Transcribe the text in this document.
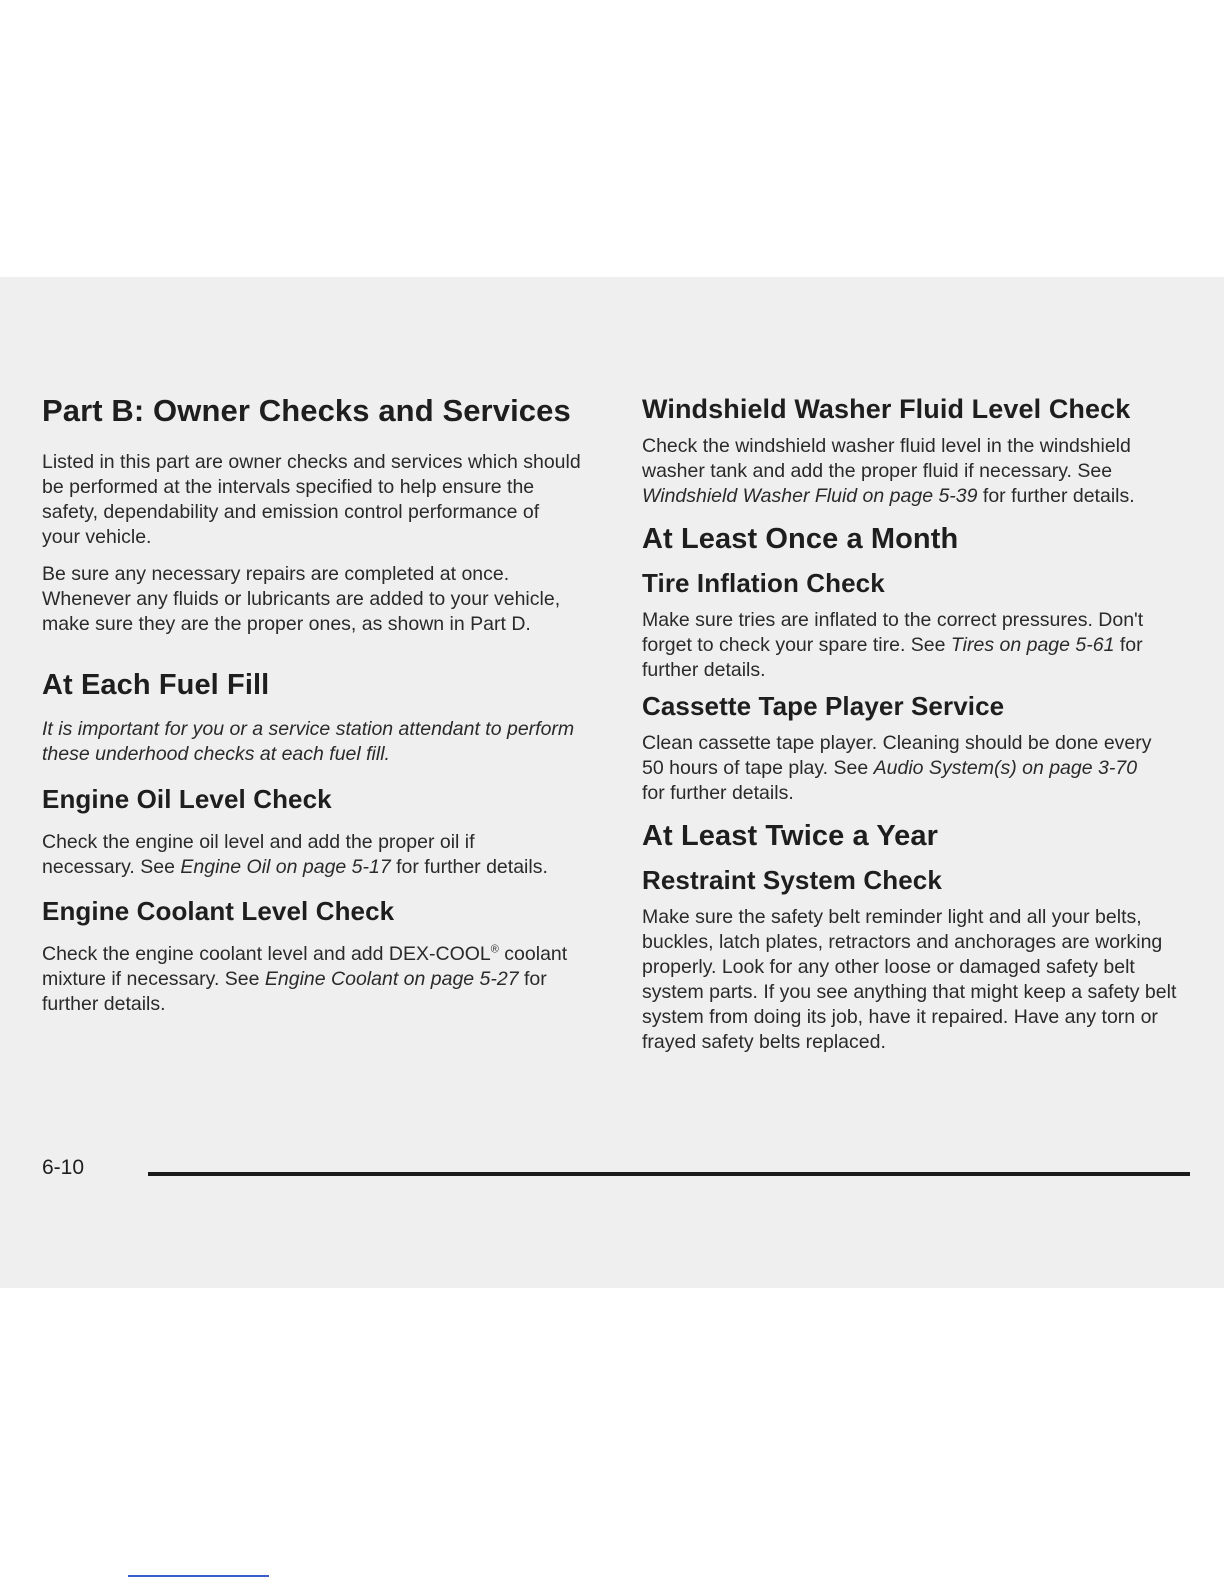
Part B: Owner Checks and Services

Listed in this part are owner checks and services which should be performed at the intervals specified to help ensure the safety, dependability and emission control performance of your vehicle.

Be sure any necessary repairs are completed at once. Whenever any fluids or lubricants are added to your vehicle, make sure they are the proper ones, as shown in Part D.

At Each Fuel Fill

It is important for you or a service station attendant to perform these underhood checks at each fuel fill.

Engine Oil Level Check

Check the engine oil level and add the proper oil if necessary. See Engine Oil on page 5-17 for further details.

Engine Coolant Level Check

Check the engine coolant level and add DEX-COOL® coolant mixture if necessary. See Engine Coolant on page 5-27 for further details.

Windshield Washer Fluid Level Check

Check the windshield washer fluid level in the windshield washer tank and add the proper fluid if necessary. See Windshield Washer Fluid on page 5-39 for further details.

At Least Once a Month
Tire Inflation Check

Make sure tries are inflated to the correct pressures. Don't forget to check your spare tire. See Tires on page 5-61 for further details.

Cassette Tape Player Service

Clean cassette tape player. Cleaning should be done every 50 hours of tape play. See Audio System(s) on page 3-70 for further details.

At Least Twice a Year
Restraint System Check

Make sure the safety belt reminder light and all your belts, buckles, latch plates, retractors and anchorages are working properly. Look for any other loose or damaged safety belt system parts. If you see anything that might keep a safety belt system from doing its job, have it repaired. Have any torn or frayed safety belts replaced.

6-10
